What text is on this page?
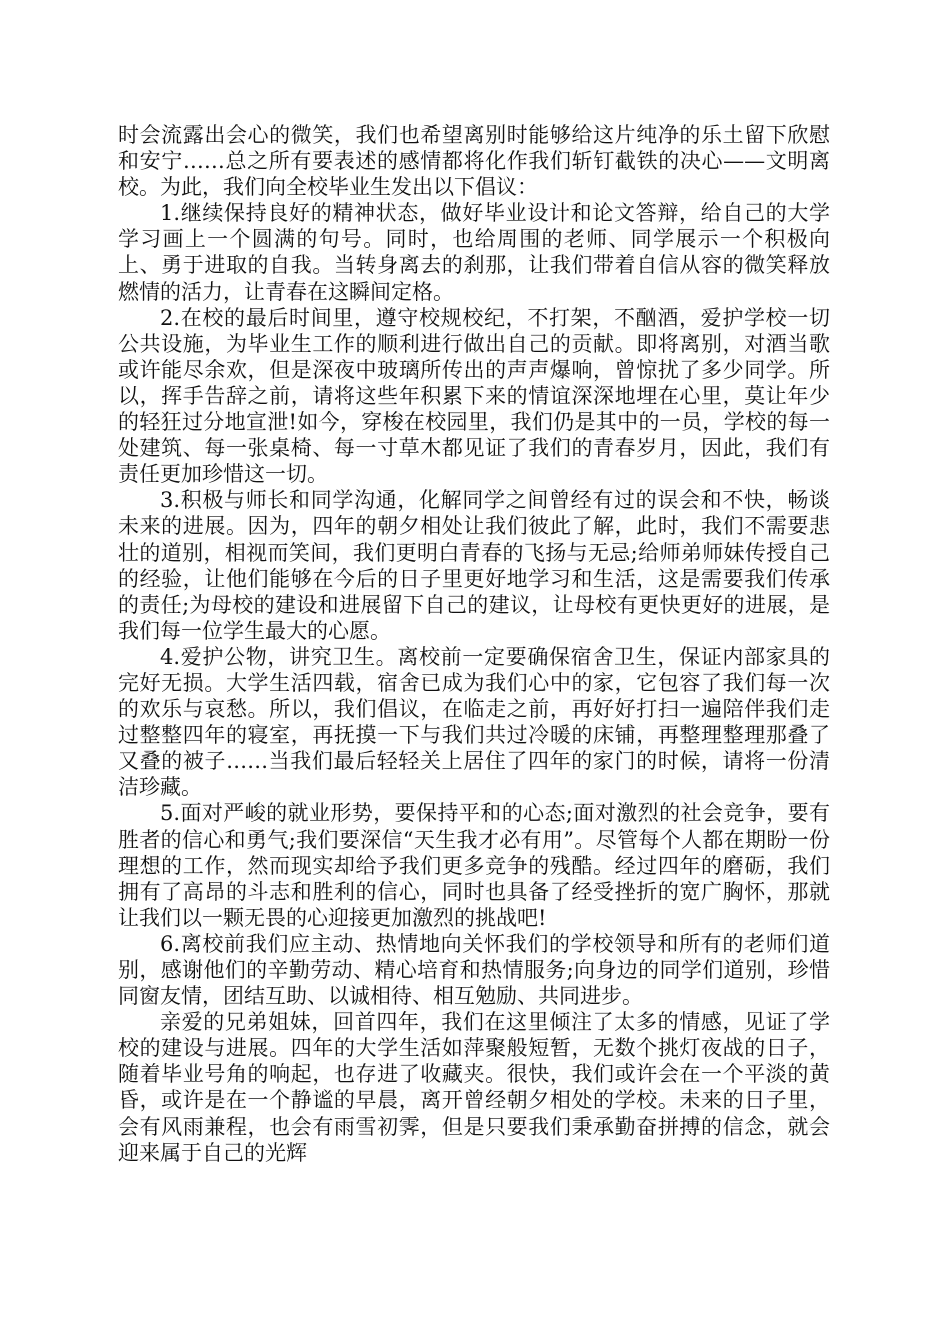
时会流露出会心的微笑，我们也希望离别时能够给这片纯净的乐土留下欣慰和安宁……总之所有要表述的感情都将化作我们斩钉截铁的决心——文明离校。为此，我们向全校毕业生发出以下倡议：

1.继续保持良好的精神状态，做好毕业设计和论文答辩，给自己的大学学习画上一个圆满的句号。同时，也给周围的老师、同学展示一个积极向上、勇于进取的自我。当转身离去的刹那，让我们带着自信从容的微笑释放燃情的活力，让青春在这瞬间定格。

2.在校的最后时间里，遵守校规校纪，不打架，不酗酒，爱护学校一切公共设施，为毕业生工作的顺利进行做出自己的贡献。即将离别，对酒当歌或许能尽余欢，但是深夜中玻璃所传出的声声爆响，曾惊扰了多少同学。所以，挥手告辞之前，请将这些年积累下来的情谊深深地埋在心里，莫让年少的轻狂过分地宣泄!如今，穿梭在校园里，我们仍是其中的一员，学校的每一处建筑、每一张桌椅、每一寸草木都见证了我们的青春岁月，因此，我们有责任更加珍惜这一切。

3.积极与师长和同学沟通，化解同学之间曾经有过的误会和不快，畅谈未来的进展。因为，四年的朝夕相处让我们彼此了解，此时，我们不需要悲壮的道别，相视而笑间，我们更明白青春的飞扬与无忌;给师弟师妹传授自己的经验，让他们能够在今后的日子里更好地学习和生活，这是需要我们传承的责任;为母校的建设和进展留下自己的建议，让母校有更快更好的进展，是我们每一位学生最大的心愿。

4.爱护公物，讲究卫生。离校前一定要确保宿舍卫生，保证内部家具的完好无损。大学生活四载，宿舍已成为我们心中的家，它包容了我们每一次的欢乐与哀愁。所以，我们倡议，在临走之前，再好好打扫一遍陪伴我们走过整整四年的寝室，再抚摸一下与我们共过冷暖的床铺，再整理整理那叠了又叠的被子……当我们最后轻轻关上居住了四年的家门的时候，请将一份清洁珍藏。

5.面对严峻的就业形势，要保持平和的心态;面对激烈的社会竞争，要有胜者的信心和勇气;我们要深信“天生我才必有用”。尽管每个人都在期盼一份理想的工作，然而现实却给予我们更多竞争的残酷。经过四年的磨砺，我们拥有了高昂的斗志和胜利的信心，同时也具备了经受挫折的宽广胸怀，那就让我们以一颗无畏的心迎接更加激烈的挑战吧!

6.离校前我们应主动、热情地向关怀我们的学校领导和所有的老师们道别，感谢他们的辛勤劳动、精心培育和热情服务;向身边的同学们道别，珍惜同窗友情，团结互助、以诚相待、相互勉励、共同进步。

亲爱的兄弟姐妹，回首四年，我们在这里倾注了太多的情感，见证了学校的建设与进展。四年的大学生活如萍聚般短暂，无数个挑灯夜战的日子，随着毕业号角的响起，也存进了收藏夹。很快，我们或许会在一个平淡的黄昏，或许是在一个静谧的早晨，离开曾经朝夕相处的学校。未来的日子里，会有风雨兼程，也会有雨雪初霁，但是只要我们秉承勤奋拼搏的信念，就会迎来属于自己的光辉
